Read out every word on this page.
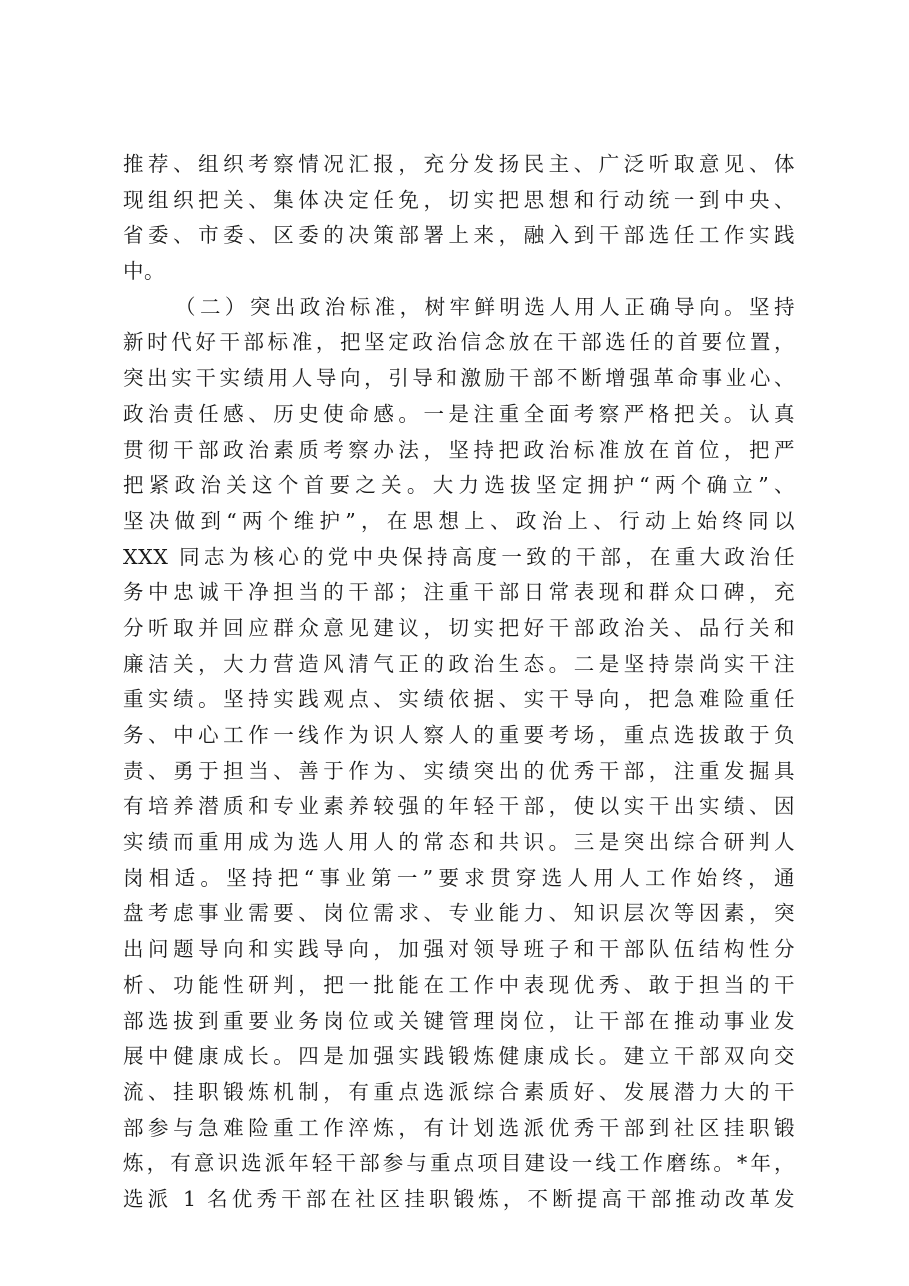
推荐、组织考察情况汇报，充分发扬民主、广泛听取意见、体
现组织把关、集体决定任免，切实把思想和行动统一到中央、
省委、市委、区委的决策部署上来，融入到干部选任工作实践
中。
（二）突出政治标准，树牢鲜明选人用人正确导向。坚持
新时代好干部标准，把坚定政治信念放在干部选任的首要位置，
突出实干实绩用人导向，引导和激励干部不断增强革命事业心、
政治责任感、历史使命感。一是注重全面考察严格把关。认真
贯彻干部政治素质考察办法，坚持把政治标准放在首位，把严
把紧政治关这个首要之关。大力选拔坚定拥护“两个确立”、
坚决做到“两个维护”，在思想上、政治上、行动上始终同以
XXX 同志为核心的党中央保持高度一致的干部，在重大政治任
务中忠诚干净担当的干部；注重干部日常表现和群众口碑，充
分听取并回应群众意见建议，切实把好干部政治关、品行关和
廉洁关，大力营造风清气正的政治生态。二是坚持崇尚实干注
重实绩。坚持实践观点、实绩依据、实干导向，把急难险重任
务、中心工作一线作为识人察人的重要考场，重点选拔敢于负
责、勇于担当、善于作为、实绩突出的优秀干部，注重发掘具
有培养潜质和专业素养较强的年轻干部，使以实干出实绩、因
实绩而重用成为选人用人的常态和共识。三是突出综合研判人
岗相适。坚持把“事业第一”要求贯穿选人用人工作始终，通
盘考虑事业需要、岗位需求、专业能力、知识层次等因素，突
出问题导向和实践导向，加强对领导班子和干部队伍结构性分
析、功能性研判，把一批能在工作中表现优秀、敢于担当的干
部选拔到重要业务岗位或关键管理岗位，让干部在推动事业发
展中健康成长。四是加强实践锻炼健康成长。建立干部双向交
流、挂职锻炼机制，有重点选派综合素质好、发展潜力大的干
部参与急难险重工作淬炼，有计划选派优秀干部到社区挂职锻
炼，有意识选派年轻干部参与重点项目建设一线工作磨练。*年，
选派 1 名优秀干部在社区挂职锻炼，不断提高干部推动改革发
